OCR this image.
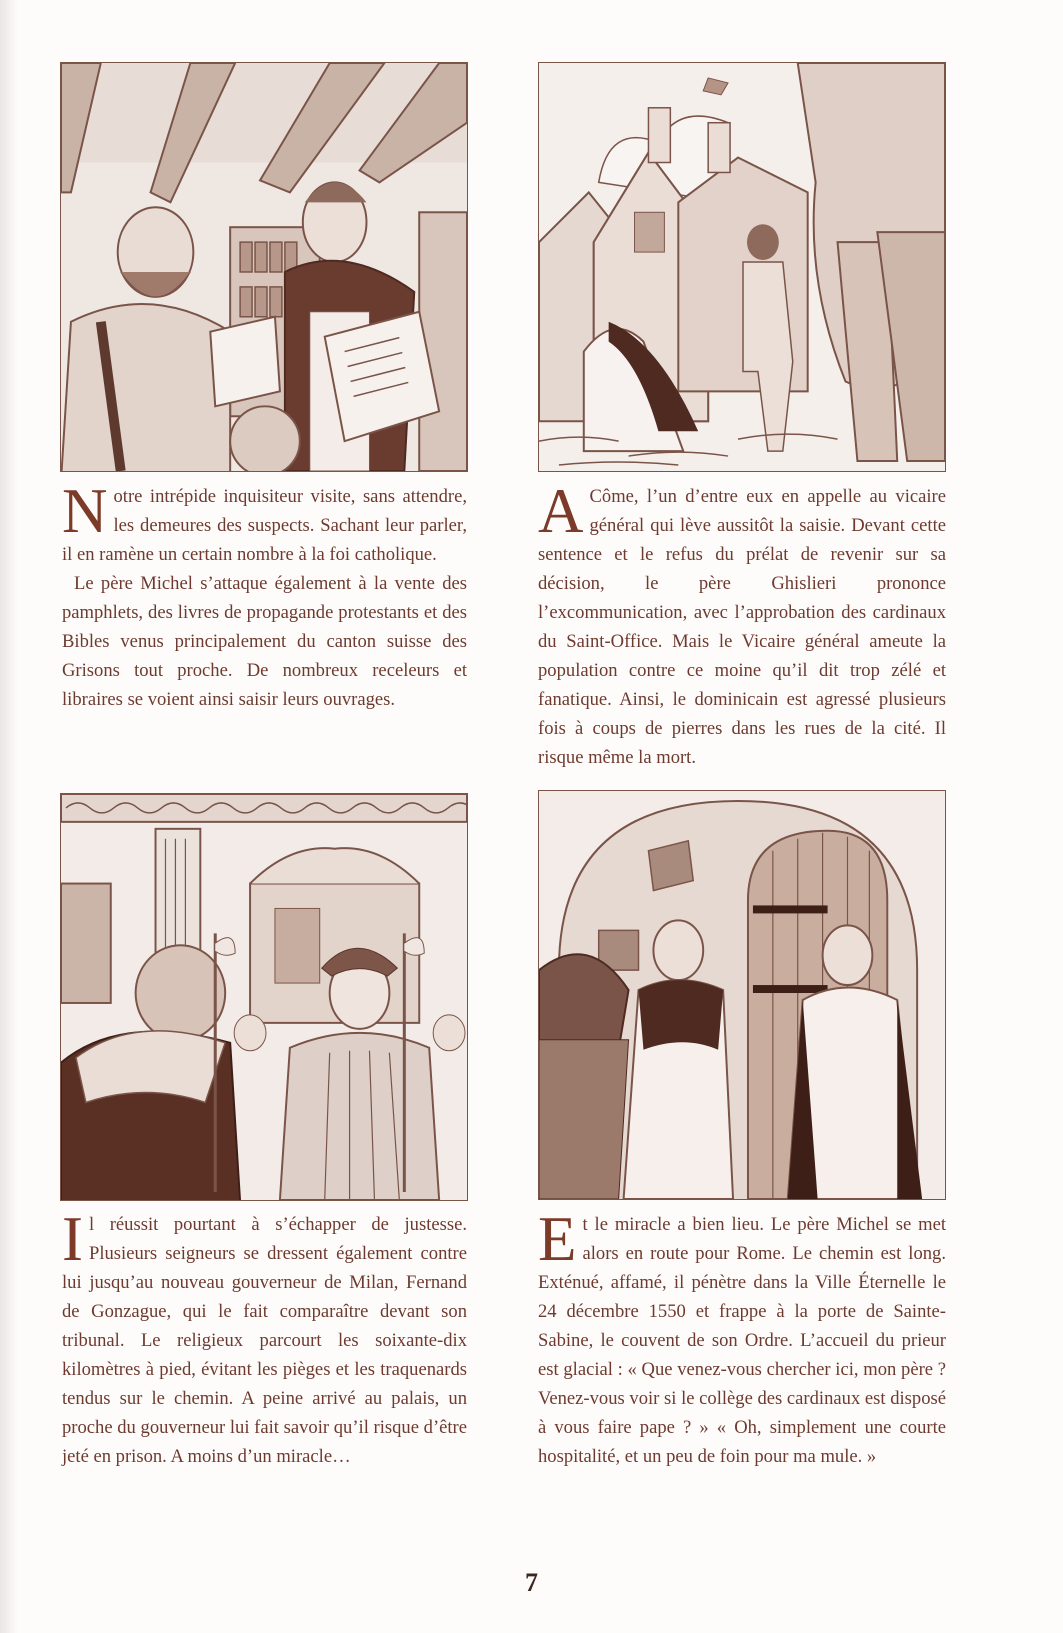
Notre intrépide inquisiteur visite, sans attendre, les demeures des suspects. Sachant leur parler, il en ramène un certain nombre à la foi catholique.

Le père Michel s’attaque également à la vente des pamphlets, des livres de propagande protestants et des Bibles venus principalement du canton suisse des Grisons tout proche. De nombreux receleurs et libraires se voient ainsi saisir leurs ouvrages.

A Côme, l’un d’entre eux en appelle au vicaire général qui lève aussitôt la saisie. Devant cette sentence et le refus du prélat de revenir sur sa décision, le père Ghislieri prononce l’excommunication, avec l’approbation des cardinaux du Saint-Office. Mais le Vicaire général ameute la population contre ce moine qu’il dit trop zélé et fanatique. Ainsi, le dominicain est agressé plusieurs fois à coups de pierres dans les rues de la cité. Il risque même la mort.

Il réussit pourtant à s’échapper de justesse. Plusieurs seigneurs se dressent également contre lui jusqu’au nouveau gouverneur de Milan, Fernand de Gonzague, qui le fait comparaître devant son tribunal. Le religieux parcourt les soixante-dix kilomètres à pied, évitant les pièges et les traquenards tendus sur le chemin. A peine arrivé au palais, un proche du gouverneur lui fait savoir qu’il risque d’être jeté en prison. A moins d’un miracle…

Et le miracle a bien lieu. Le père Michel se met alors en route pour Rome. Le chemin est long. Exténué, affamé, il pénètre dans la Ville Éternelle le 24 décembre 1550 et frappe à la porte de Sainte-Sabine, le couvent de son Ordre. L’accueil du prieur est glacial : « Que venez-vous chercher ici, mon père ? Venez-vous voir si le collège des cardinaux est disposé à vous faire pape ? » « Oh, simplement une courte hospitalité, et un peu de foin pour ma mule. »

7
